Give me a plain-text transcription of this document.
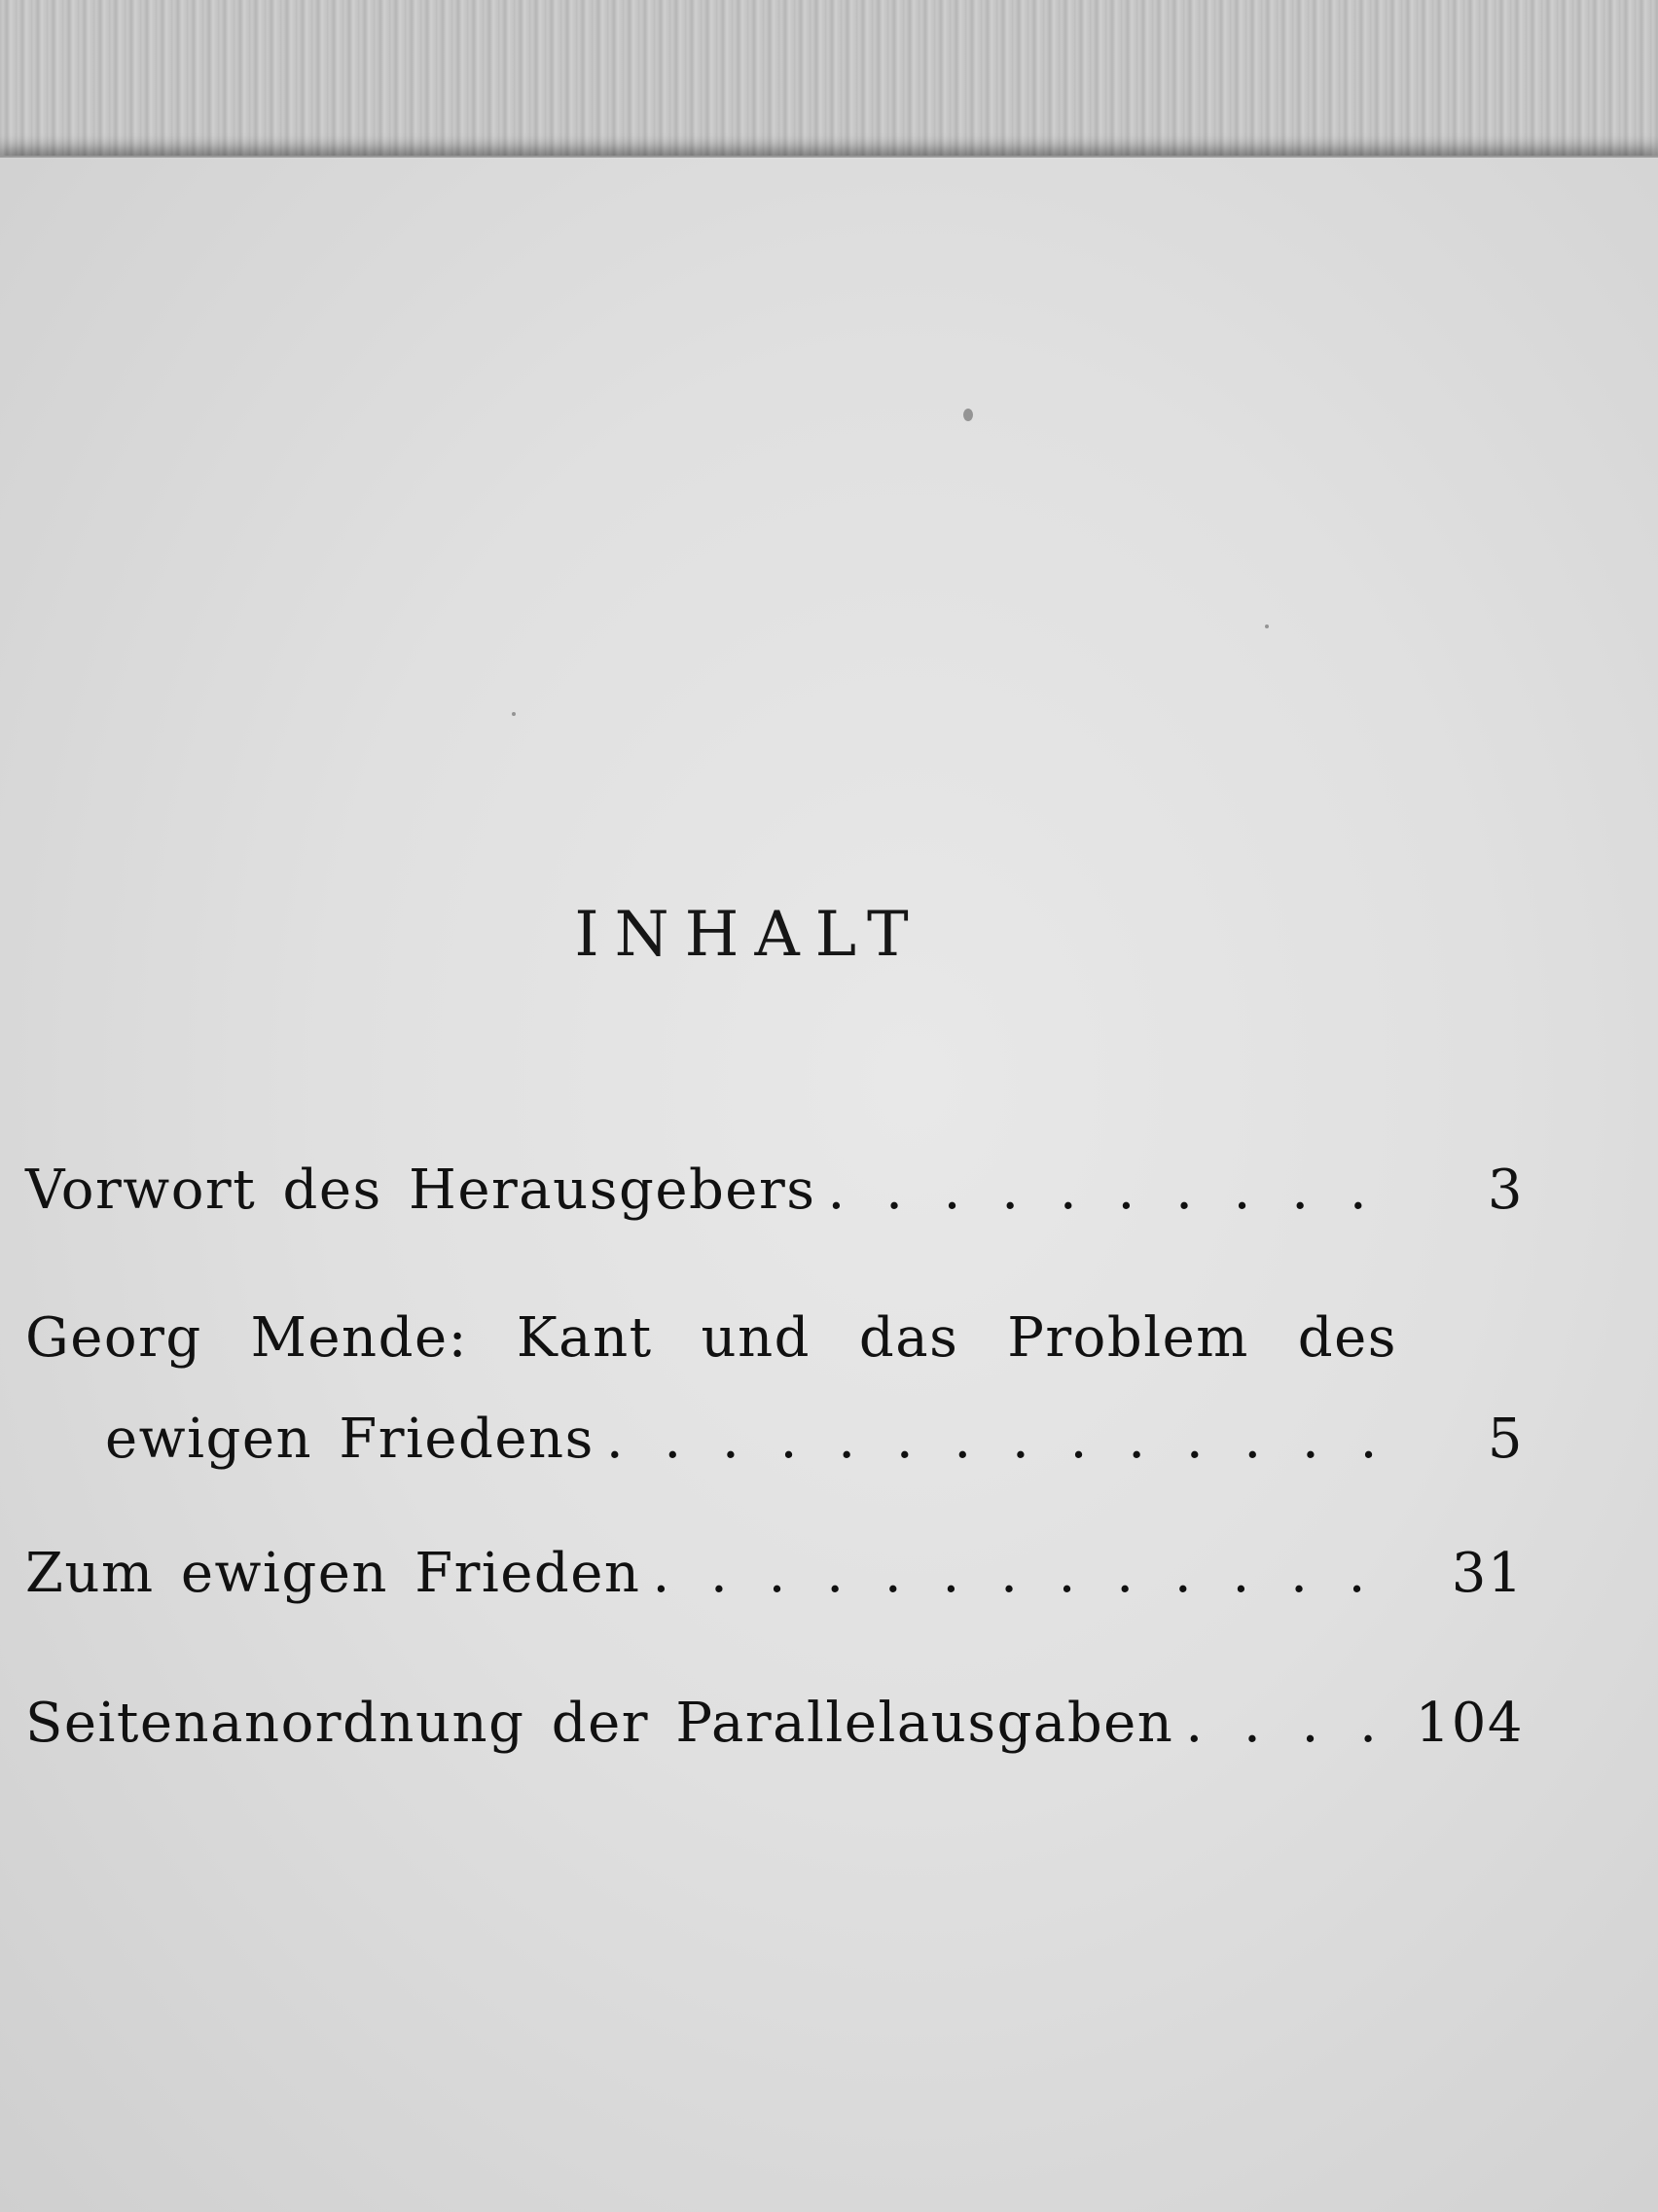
INHALT
Vorwort des Herausgebers . . .	3
Georg Mende: Kant und das Problem des
ewigen Friedens . . .	5
Zum ewigen Frieden . . .	31
Seitenanordnung der Parallelausgaben . . .	104
